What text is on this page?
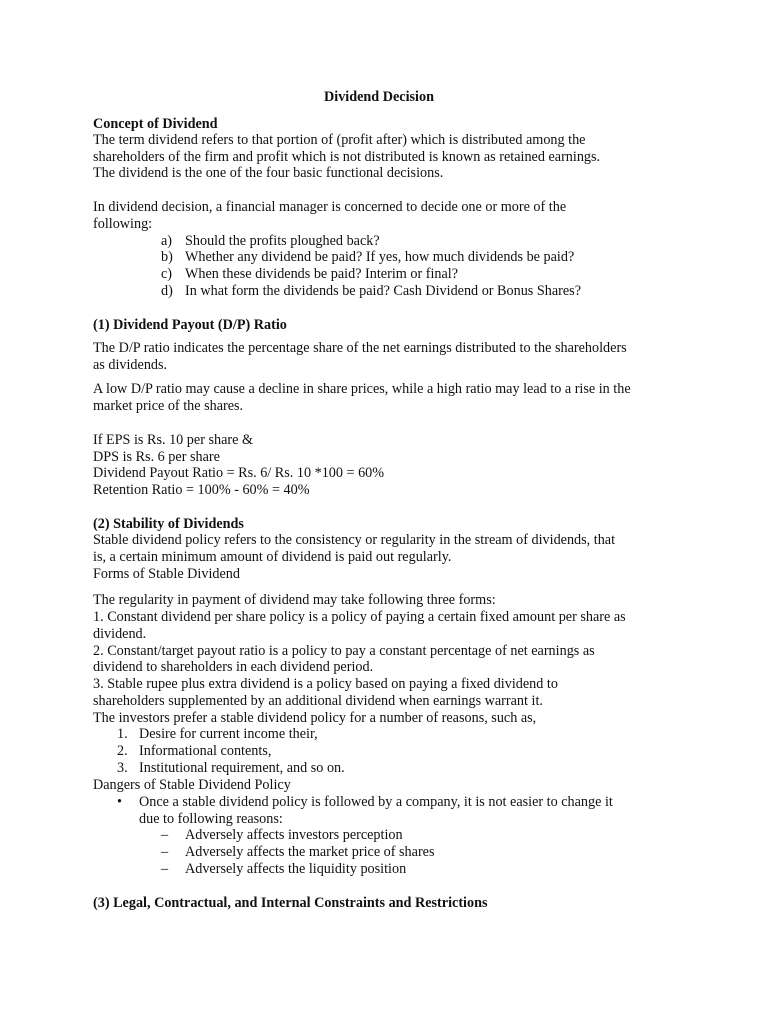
Dividend Decision
Concept of Dividend
The term dividend refers to that portion of (profit after) which is distributed among the
shareholders of the firm and profit which is not distributed is known as retained earnings.
The dividend is the one of the four basic functional decisions.
In dividend decision, a financial manager is concerned to decide one or more of the
following:
a) Should the profits ploughed back?
b) Whether any dividend be paid? If yes, how much dividends be paid?
c) When these dividends be paid? Interim or final?
d) In what form the dividends be paid? Cash Dividend or Bonus Shares?
(1) Dividend Payout (D/P) Ratio
The D/P ratio indicates the percentage share of the net earnings distributed to the shareholders
as dividends.
A low D/P ratio may cause a decline in share prices, while a high ratio may lead to a rise in the
market price of the shares.
If EPS is Rs. 10 per share &
DPS is Rs. 6 per share
Dividend Payout Ratio = Rs. 6/ Rs. 10 *100 = 60%
Retention Ratio = 100% - 60% = 40%
(2) Stability of Dividends
Stable dividend policy refers to the consistency or regularity in the stream of dividends, that
is, a certain minimum amount of dividend is paid out regularly.
Forms of Stable Dividend
The regularity in payment of dividend may take following three forms:
1. Constant dividend per share policy is a policy of paying a certain fixed amount per share as
dividend.
2. Constant/target payout ratio is a policy to pay a constant percentage of net earnings as
dividend to shareholders in each dividend period.
3. Stable rupee plus extra dividend is a policy based on paying a fixed dividend to
shareholders supplemented by an additional dividend when earnings warrant it.
The investors prefer a stable dividend policy for a number of reasons, such as,
1. Desire for current income their,
2. Informational contents,
3. Institutional requirement, and so on.
Dangers of Stable Dividend Policy
• Once a stable dividend policy is followed by a company, it is not easier to change it
due to following reasons:
– Adversely affects investors perception
– Adversely affects the market price of shares
– Adversely affects the liquidity position
(3) Legal, Contractual, and Internal Constraints and Restrictions
